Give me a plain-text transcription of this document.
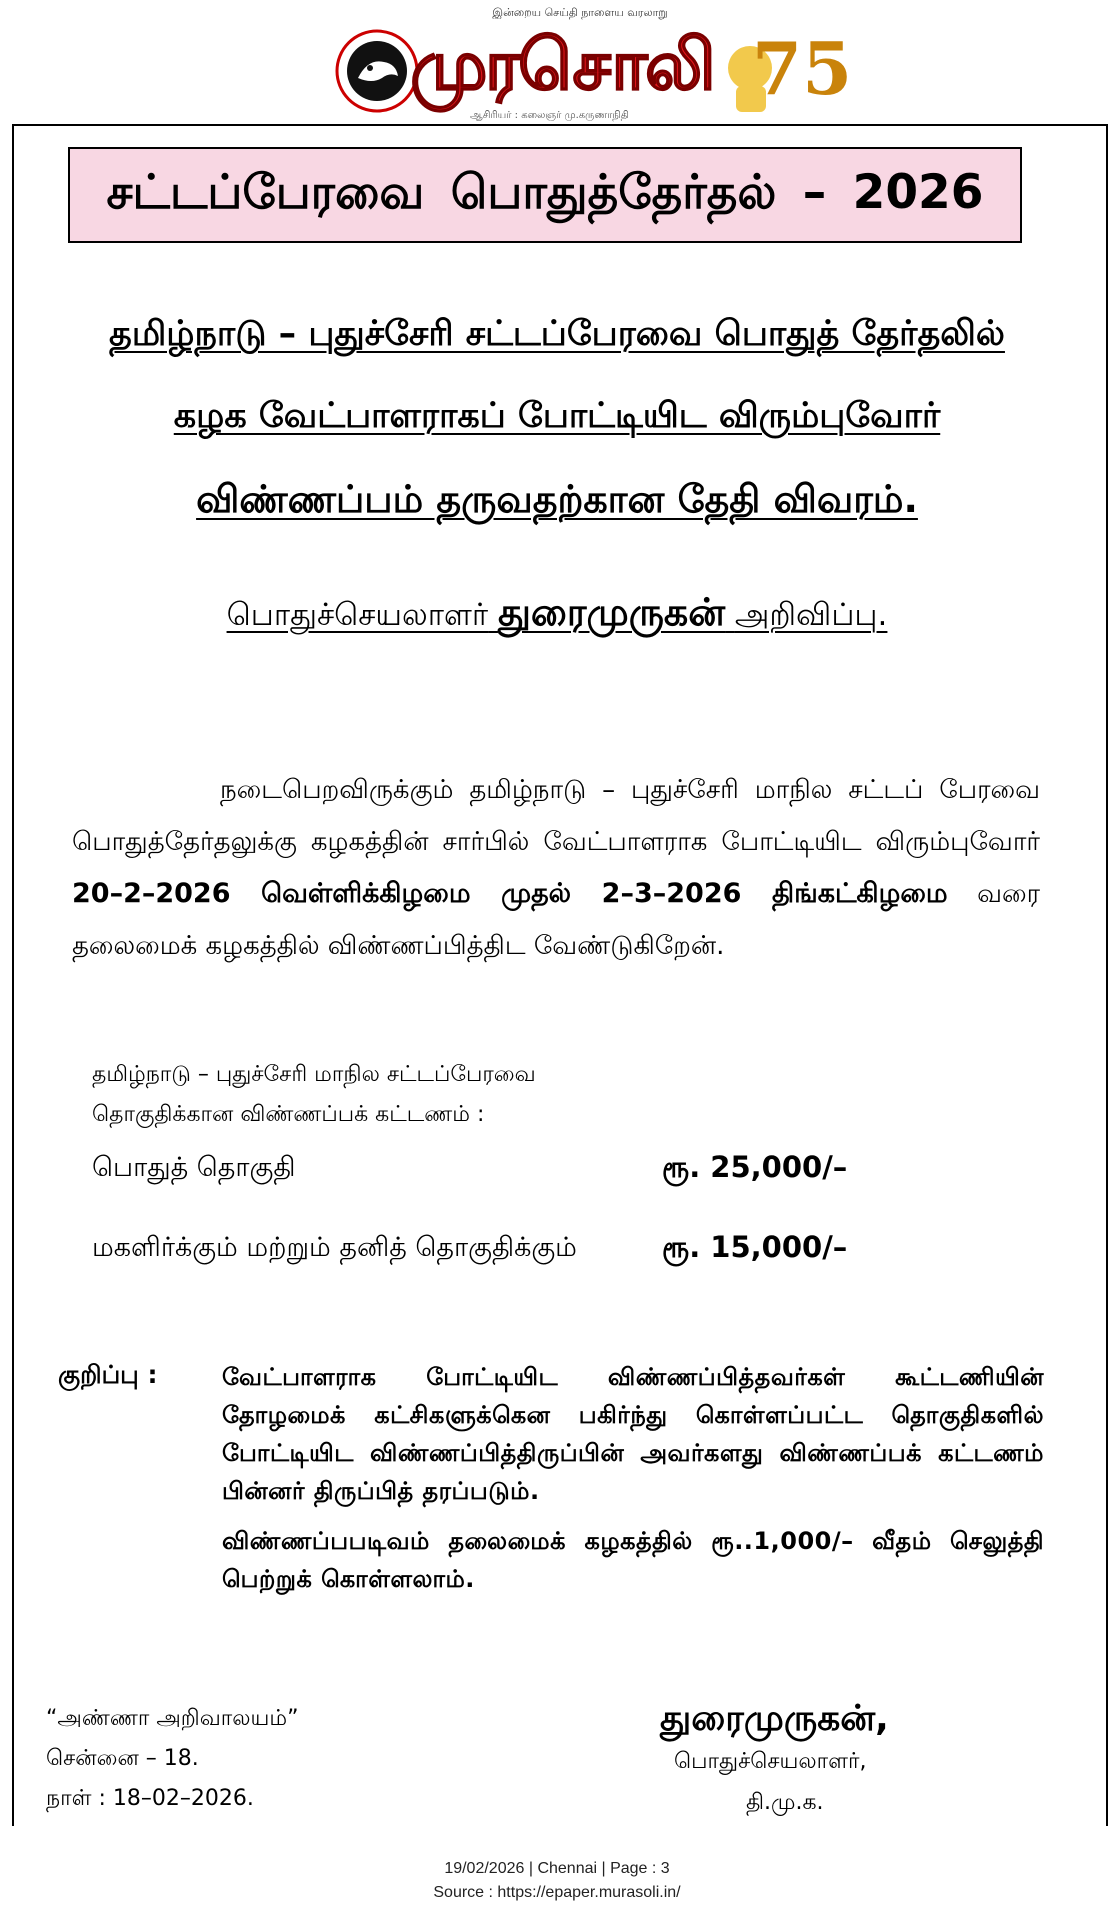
இன்றைய செய்தி நாளைய வரலாறு
முரசொலி
ஆசிரியர் : கலைஞர் மு.கருணாநிதி
75
சட்டப்பேரவை பொதுத்தேர்தல் – 2026
தமிழ்நாடு – புதுச்சேரி சட்டப்பேரவை பொதுத் தேர்தலில்
கழக வேட்பாளராகப் போட்டியிட விரும்புவோர்
விண்ணப்பம் தருவதற்கான தேதி விவரம்.
பொதுச்செயலாளர் துரைமுருகன் அறிவிப்பு.
நடைபெறவிருக்கும் தமிழ்நாடு – புதுச்சேரி மாநில சட்டப் பேரவை பொதுத்தேர்தலுக்கு கழகத்தின் சார்பில் வேட்பாளராக போட்டியிட விரும்புவோர் 20–2–2026 வெள்ளிக்கிழமை முதல் 2–3–2026 திங்கட்கிழமை வரை தலைமைக் கழகத்தில் விண்ணப்பித்திட வேண்டுகிறேன்.
தமிழ்நாடு – புதுச்சேரி மாநில சட்டப்பேரவை
தொகுதிக்கான விண்ணப்பக் கட்டணம் :
பொதுத் தொகுதி	ரூ. 25,000/–
மகளிர்க்கும் மற்றும் தனித் தொகுதிக்கும்	ரூ. 15,000/–
குறிப்பு :	வேட்பாளராக போட்டியிட விண்ணப்பித்தவர்கள் கூட்டணியின் தோழமைக் கட்சிகளுக்கென பகிர்ந்து கொள்ளப்பட்ட தொகுதிகளில் போட்டியிட விண்ணப்பித்திருப்பின் அவர்களது விண்ணப்பக் கட்டணம் பின்னர் திருப்பித் தரப்படும்.
விண்ணப்பபடிவம் தலைமைக் கழகத்தில் ரூ..1,000/– வீதம் செலுத்தி பெற்றுக் கொள்ளலாம்.
“அண்ணா அறிவாலயம்”
சென்னை – 18.
நாள் : 18–02–2026.
துரைமுருகன்,
பொதுச்செயலாளர்,
தி.மு.க.
19/02/2026 | Chennai | Page : 3
Source : https://epaper.murasoli.in/
